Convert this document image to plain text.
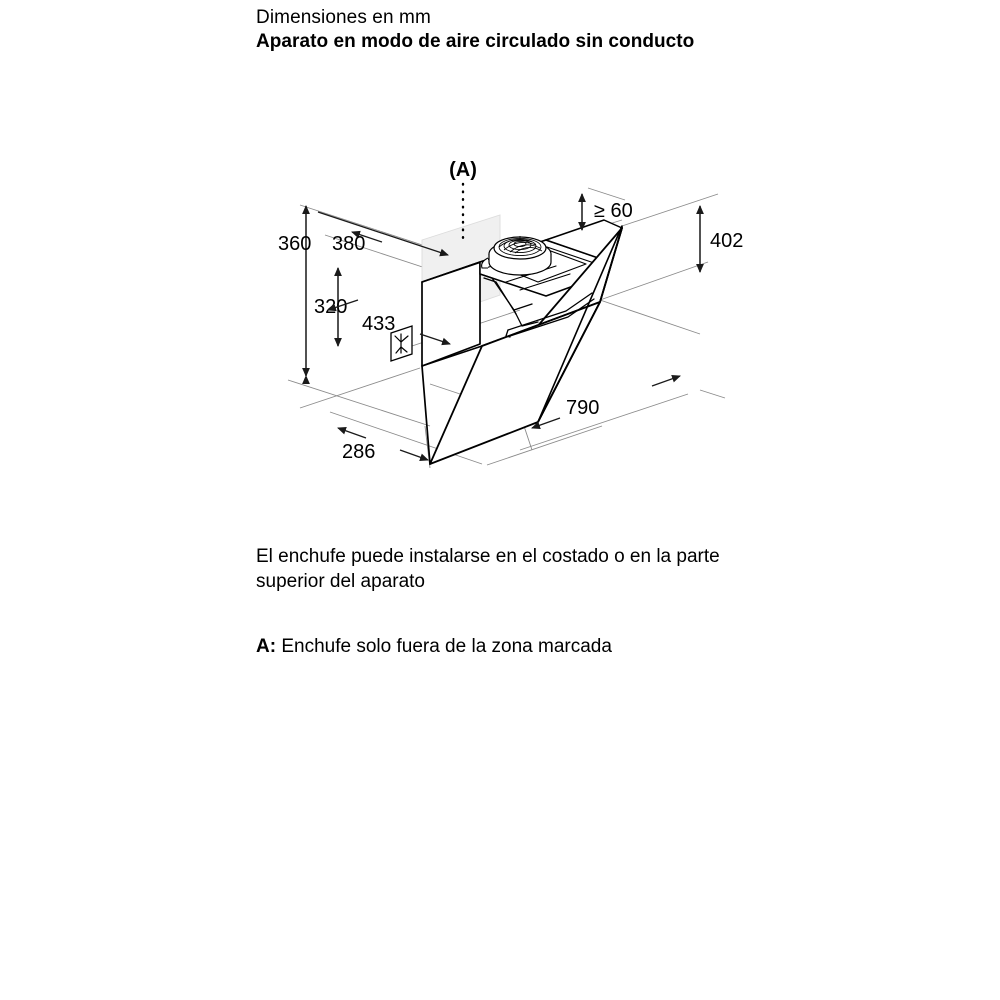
Dimensiones en mm
Aparato en modo de aire circulado sin conducto
(A)
360 380
320
≥ 60
433
402
790
286
El enchufe puede instalarse en el costado o en la parte superior del aparato
A: Enchufe solo fuera de la zona marcada
